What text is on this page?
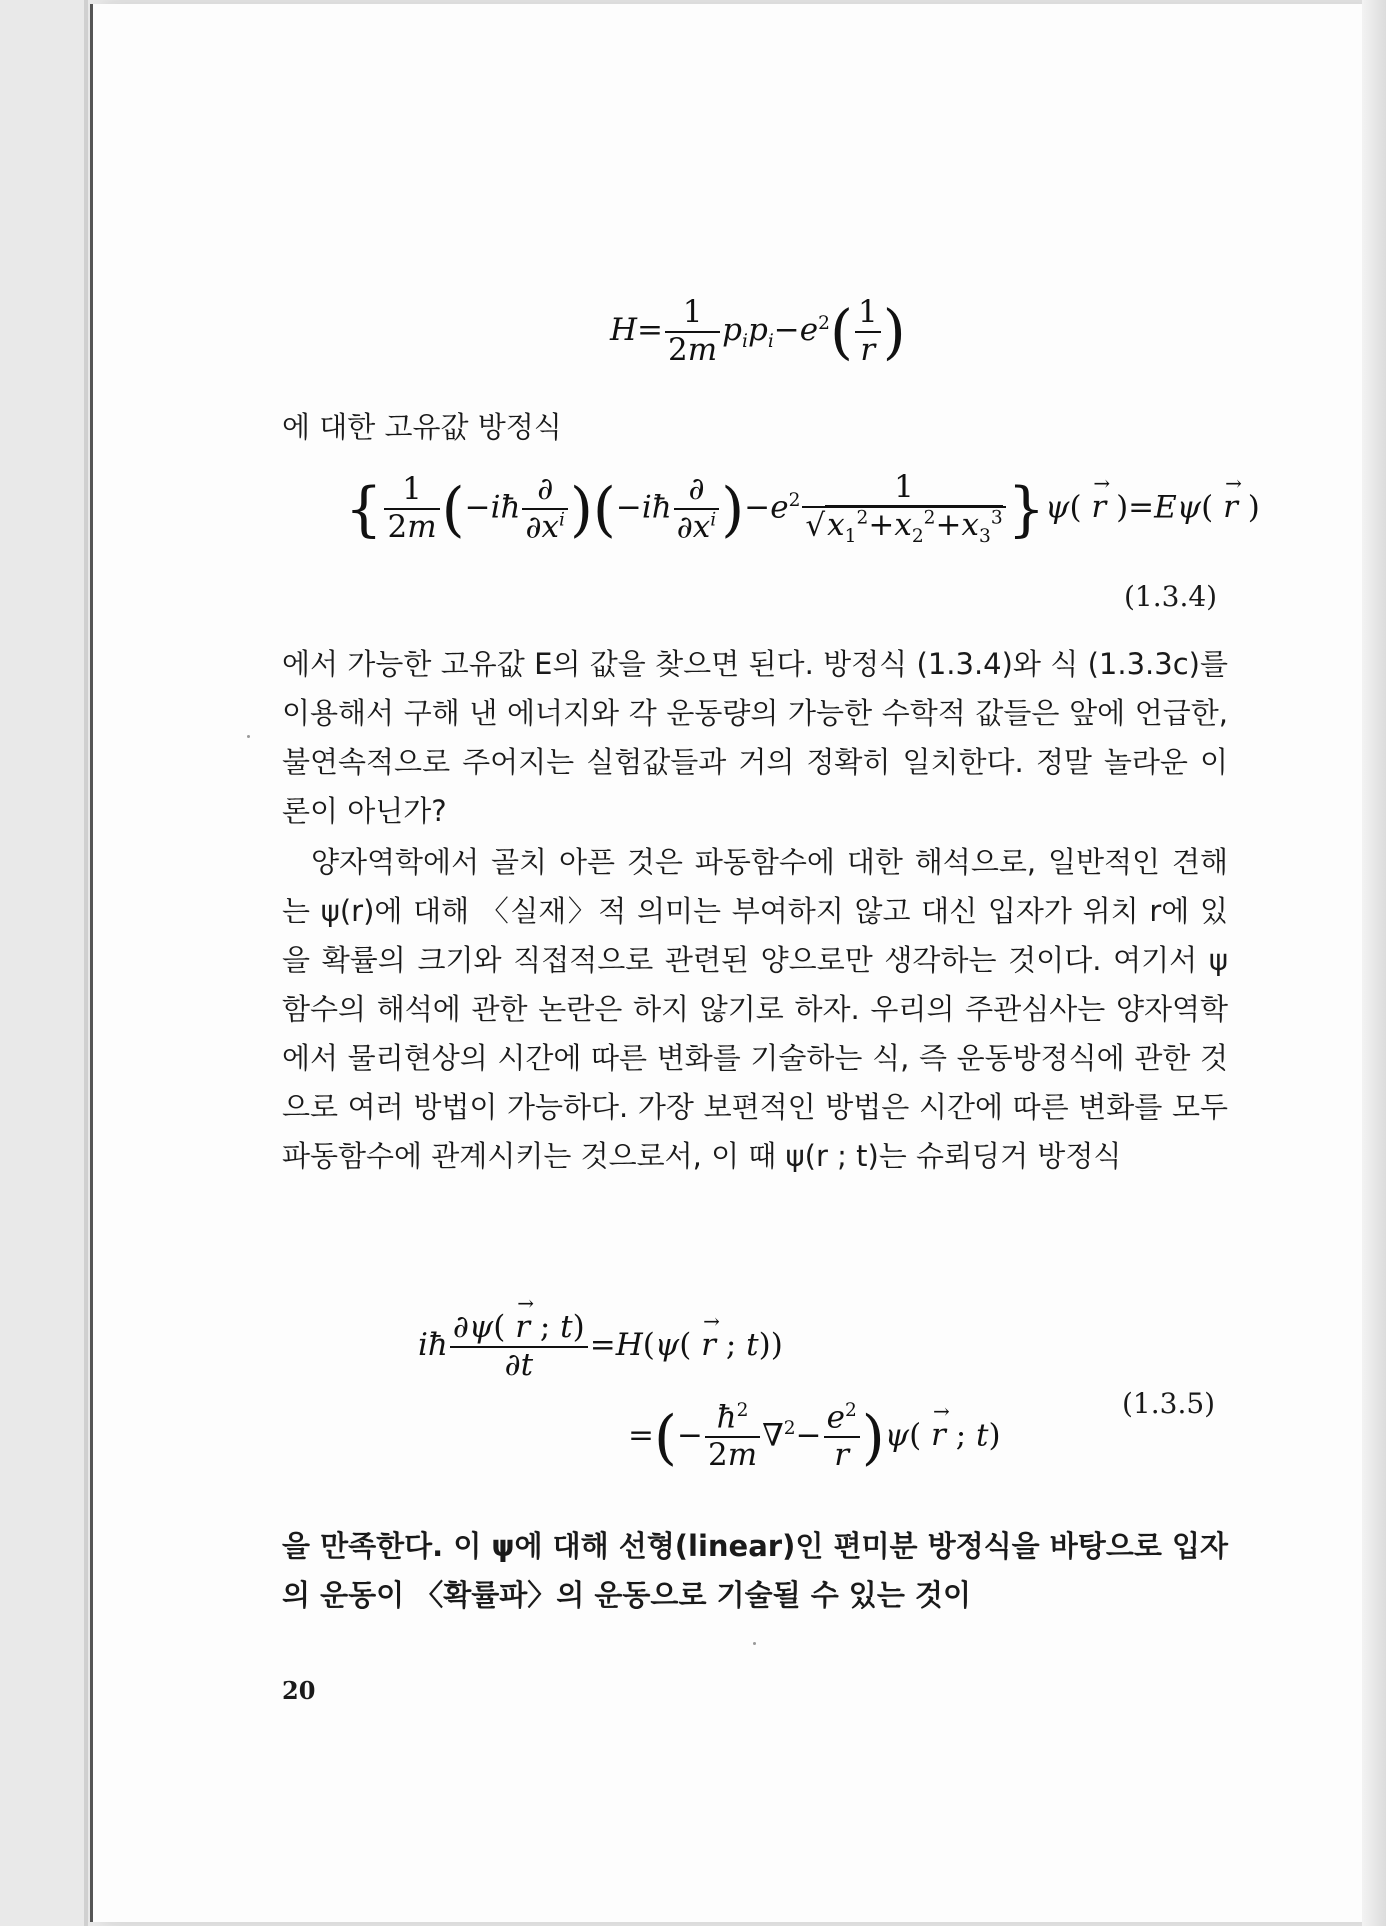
$H= \frac{1}{2m} p_ip_i-e^2( \frac{1}{r}$ )
에 대한 고유값 방정식
{ $\frac{1}{2m}$ (−iħ $\frac{\partial}{\partial x^i}$ )(−iħ $\frac{\partial}{\partial x^i} )-e^2 \frac{1}{√x_1^2+x_2^2+x_3^3} \}\psi( \to r$ )=Eψ( → r )
(1.3.4)
에서 가능한 고유값 E의 값을 찾으면 된다. 방정식 (1.3.4)와 식 (1.3.3c)를 이용해서 구해 낸 에너지와 각 운동량의 가능한 수학적 값들은 앞에 언급한, 불연속적으로 주어지는 실험값들과 거의 정확히 일치한다. 정말 놀라운 이론이 아닌가?
양자역학에서 골치 아픈 것은 파동함수에 대한 해석으로, 일반적인 견해는 ψ(r)에 대해 〈실재〉적 의미는 부여하지 않고 대신 입자가 위치 r에 있을 확률의 크기와 직접적으로 관련된 양으로만 생각하는 것이다. 여기서 ψ 함수의 해석에 관한 논란은 하지 않기로 하자. 우리의 주관심사는 양자역학에서 물리현상의 시간에 따른 변화를 기술하는 식, 즉 운동방정식에 관한 것으로 여러 방법이 가능하다. 가장 보편적인 방법은 시간에 따른 변화를 모두 파동함수에 관계시키는 것으로서, 이 때 ψ(r ; t)는 슈뢰딩거 방정식
iħ $\frac{\partial\psi( \to r ; t)}{\partial t} =H(\psi( \to r$ ; t))
=(− $\frac{ħ^2}{2m} \nabla^2- \frac{e^2}{r} )\psi( \to r$ ; t)
(1.3.5)
을 만족한다. 이 ψ에 대해 선형(linear)인 편미분 방정식을 바탕으로 입자의 운동이 〈확률파〉의 운동으로 기술될 수 있는 것이
20
